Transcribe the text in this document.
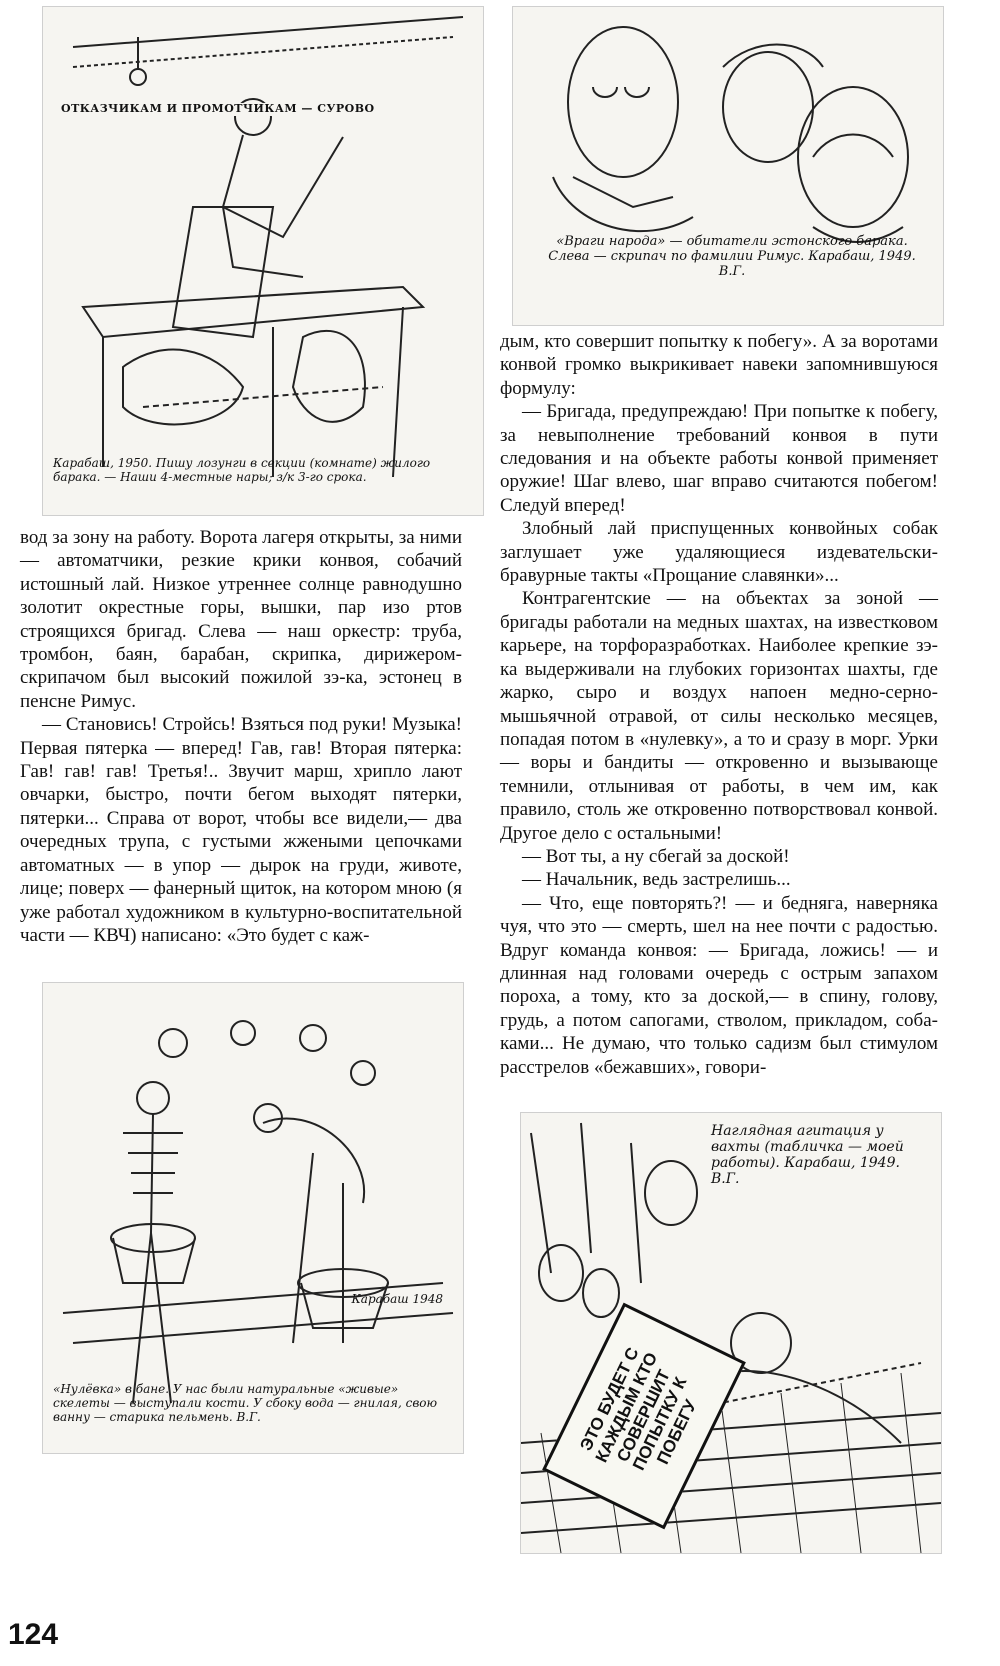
ОТКАЗЧИКАМ И ПРОМОТЧИКАМ — СУРОВО
Карабаш, 1950. Пишу лозунги в секции (комнате) жилого барака. — Наши 4-местные нары; з/к 3-го срока.
«Враги народа» — обитатели эстонского барака. Слева — скрипач по фамилии Римус. Карабаш, 1949. В.Г.

вод за зону на работу. Ворота лагеря открыты, за ними — автоматчики, резкие крики конвоя, собачий истошный лай. Низкое утреннее солнце равнодушно золотит окрестные горы, вышки, пар изо ртов строящихся бригад. Слева — наш оркестр: труба, тромбон, баян, барабан, скрипка, дирижером-скрипачом был высокий пожилой зэ-ка, эстонец в пенсне Римус.

— Становись! Стройсь! Взяться под руки! Музыка! Первая пятерка — вперед! Гав, гав! Вторая пятерка: Гав! гав! гав! Третья!.. Звучит марш, хрипло лают овчарки, быстро, почти бегом выходят пятерки, пятерки... Справа от ворот, чтобы все видели,— два очередных трупа, с густыми жжеными цепочками автоматных — в упор — дырок на груди, животе, лице; поверх — фанерный щиток, на котором мною (я уже работал художником в культурно-воспитательной части — КВЧ) написано: «Это будет с каж-

Карабаш 1948
«Нулёвка» в бане. У нас были натуральные «живые» скелеты — выступали кости. У сбоку вода — гнилая, свою ванну — старика пельмень. В.Г.

дым, кто совершит попытку к побегу». А за воротами конвой громко выкрикивает навеки запомнившуюся формулу:

— Бригада, предупреждаю! При попытке к побегу, за невыполнение требований конвоя в пути следования и на объекте работы конвой применяет оружие! Шаг влево, шаг вправо считаются побегом! Следуй вперед!

Злобный лай приспущенных конвойных собак заглушает уже удаляющиеся издевательски-бравурные такты «Прощание славянки»...

Контрагентские — на объектах за зоной — бригады работали на медных шахтах, на известковом карьере, на торфоразработках. Наиболее крепкие зэ-ка выдерживали на глубоких горизонтах шахты, где жарко, сыро и воздух напоен медно-серно-мышьячной отравой, от силы несколько месяцев, попадая потом в «нулевку», а то и сразу в морг. Урки — воры и бандиты — откровенно и вызывающе темнили, отлынивая от работы, в чем им, как правило, столь же откровенно потворствовал конвой. Другое дело с остальными!

— Вот ты, а ну сбегай за доской!

— Начальник, ведь застрелишь...

— Что, еще повторять?! — и бедняга, наверняка чуя, что это — смерть, шел на нее почти с радостью. Вдруг команда конвоя: — Бригада, ложись! — и длинная над головами очередь с острым запахом пороха, а тому, кто за доской,— в спину, голову, грудь, а потом сапогами, стволом, прикладом, собаками... Не думаю, что только садизм был стимулом расстрелов «бежавших», говори-

ЭТО БУДЕТ С КАЖДЫМ КТО СОВЕРШИТ ПОПЫТКУ К ПОБЕГУ
Наглядная агитация у вахты (табличка — моей работы). Карабаш, 1949. В.Г.
124
